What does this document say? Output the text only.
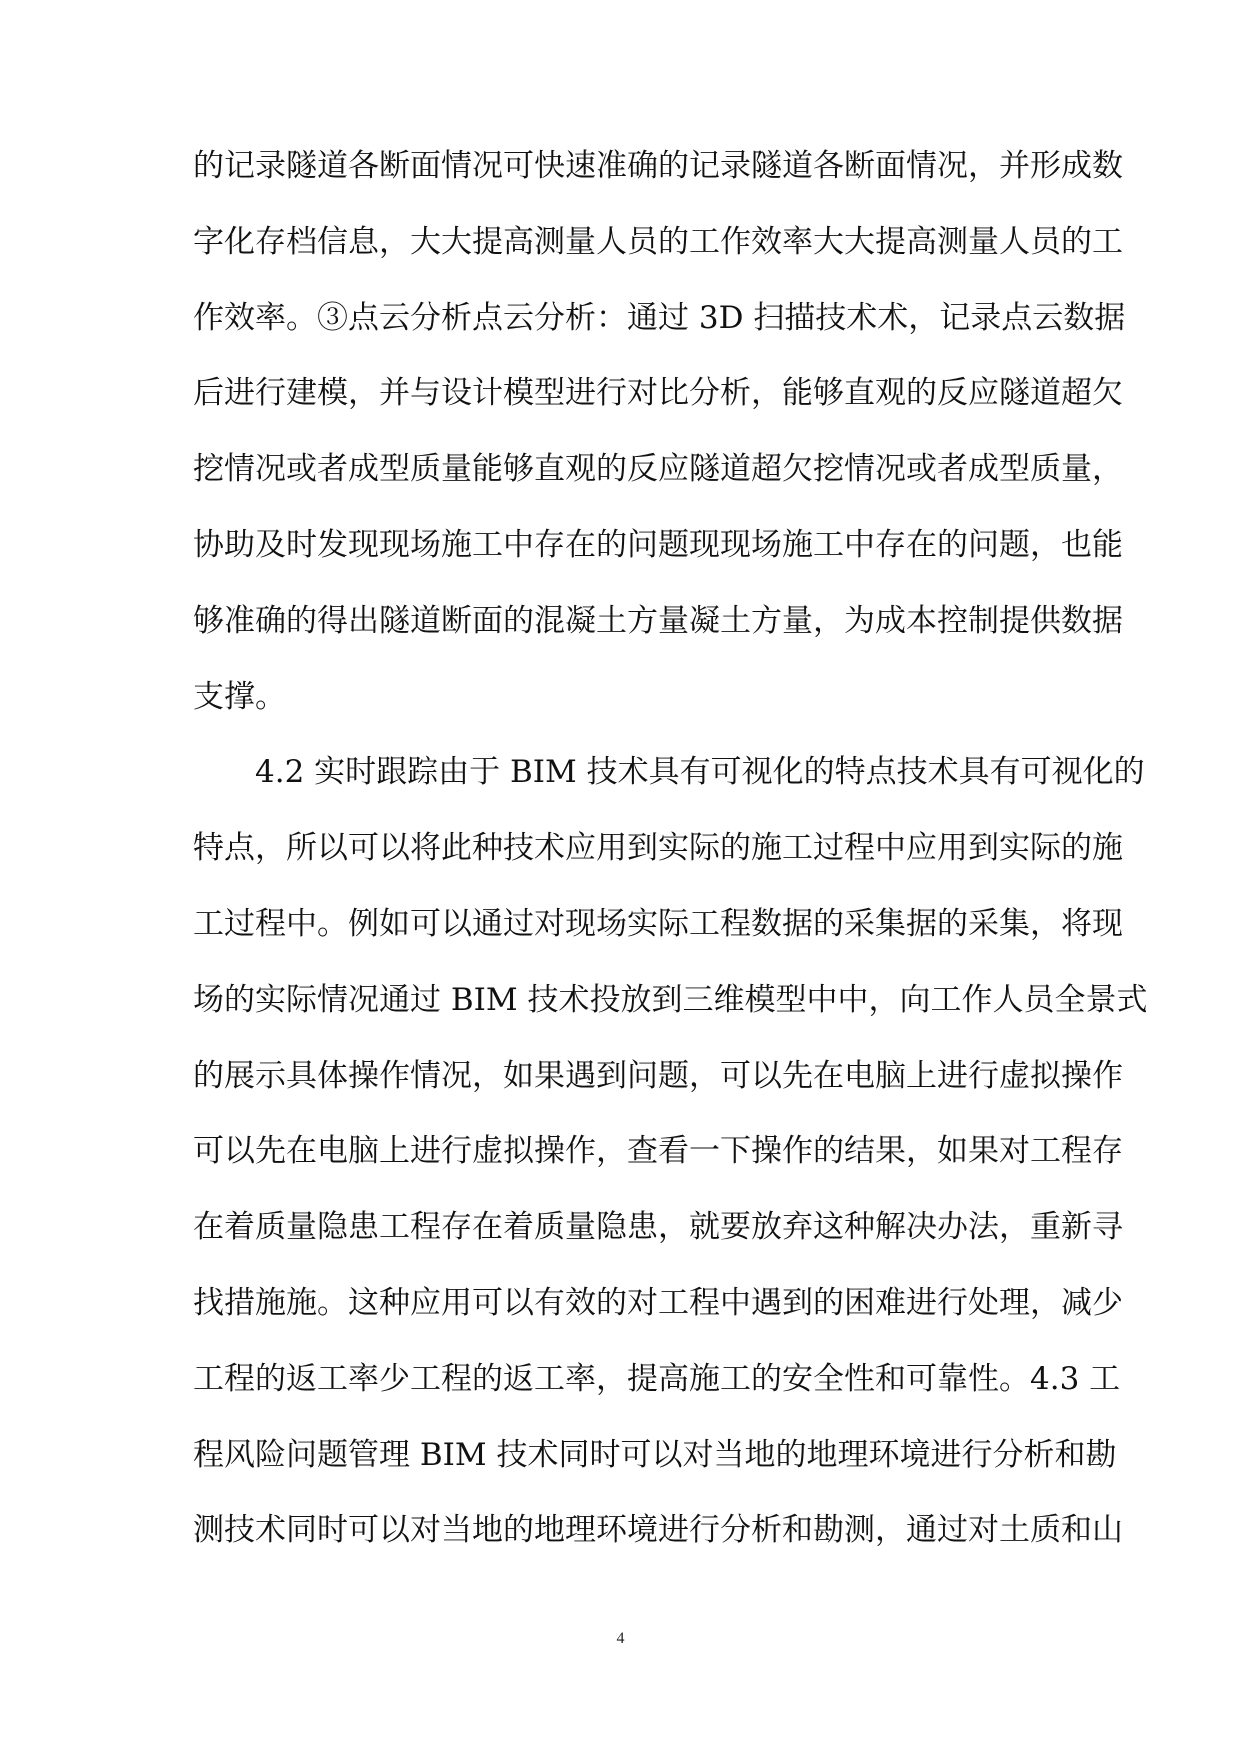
的记录隧道各断面情况可快速准确的记录隧道各断面情况，并形成数
字化存档信息，大大提高测量人员的工作效率大大提高测量人员的工
作效率。③点云分析点云分析：通过 3D 扫描技术术，记录点云数据
后进行建模，并与设计模型进行对比分析，能够直观的反应隧道超欠
挖情况或者成型质量能够直观的反应隧道超欠挖情况或者成型质量，
协助及时发现现场施工中存在的问题现现场施工中存在的问题，也能
够准确的得出隧道断面的混凝土方量凝土方量，为成本控制提供数据
支撑。
4.2 实时跟踪由于 BIM 技术具有可视化的特点技术具有可视化的
特点，所以可以将此种技术应用到实际的施工过程中应用到实际的施
工过程中。例如可以通过对现场实际工程数据的采集据的采集，将现
场的实际情况通过 BIM 技术投放到三维模型中中，向工作人员全景式
的展示具体操作情况，如果遇到问题，可以先在电脑上进行虚拟操作
可以先在电脑上进行虚拟操作，查看一下操作的结果，如果对工程存
在着质量隐患工程存在着质量隐患，就要放弃这种解决办法，重新寻
找措施施。这种应用可以有效的对工程中遇到的困难进行处理，减少
工程的返工率少工程的返工率，提高施工的安全性和可靠性。4.3 工
程风险问题管理 BIM 技术同时可以对当地的地理环境进行分析和勘
测技术同时可以对当地的地理环境进行分析和勘测，通过对土质和山
4
